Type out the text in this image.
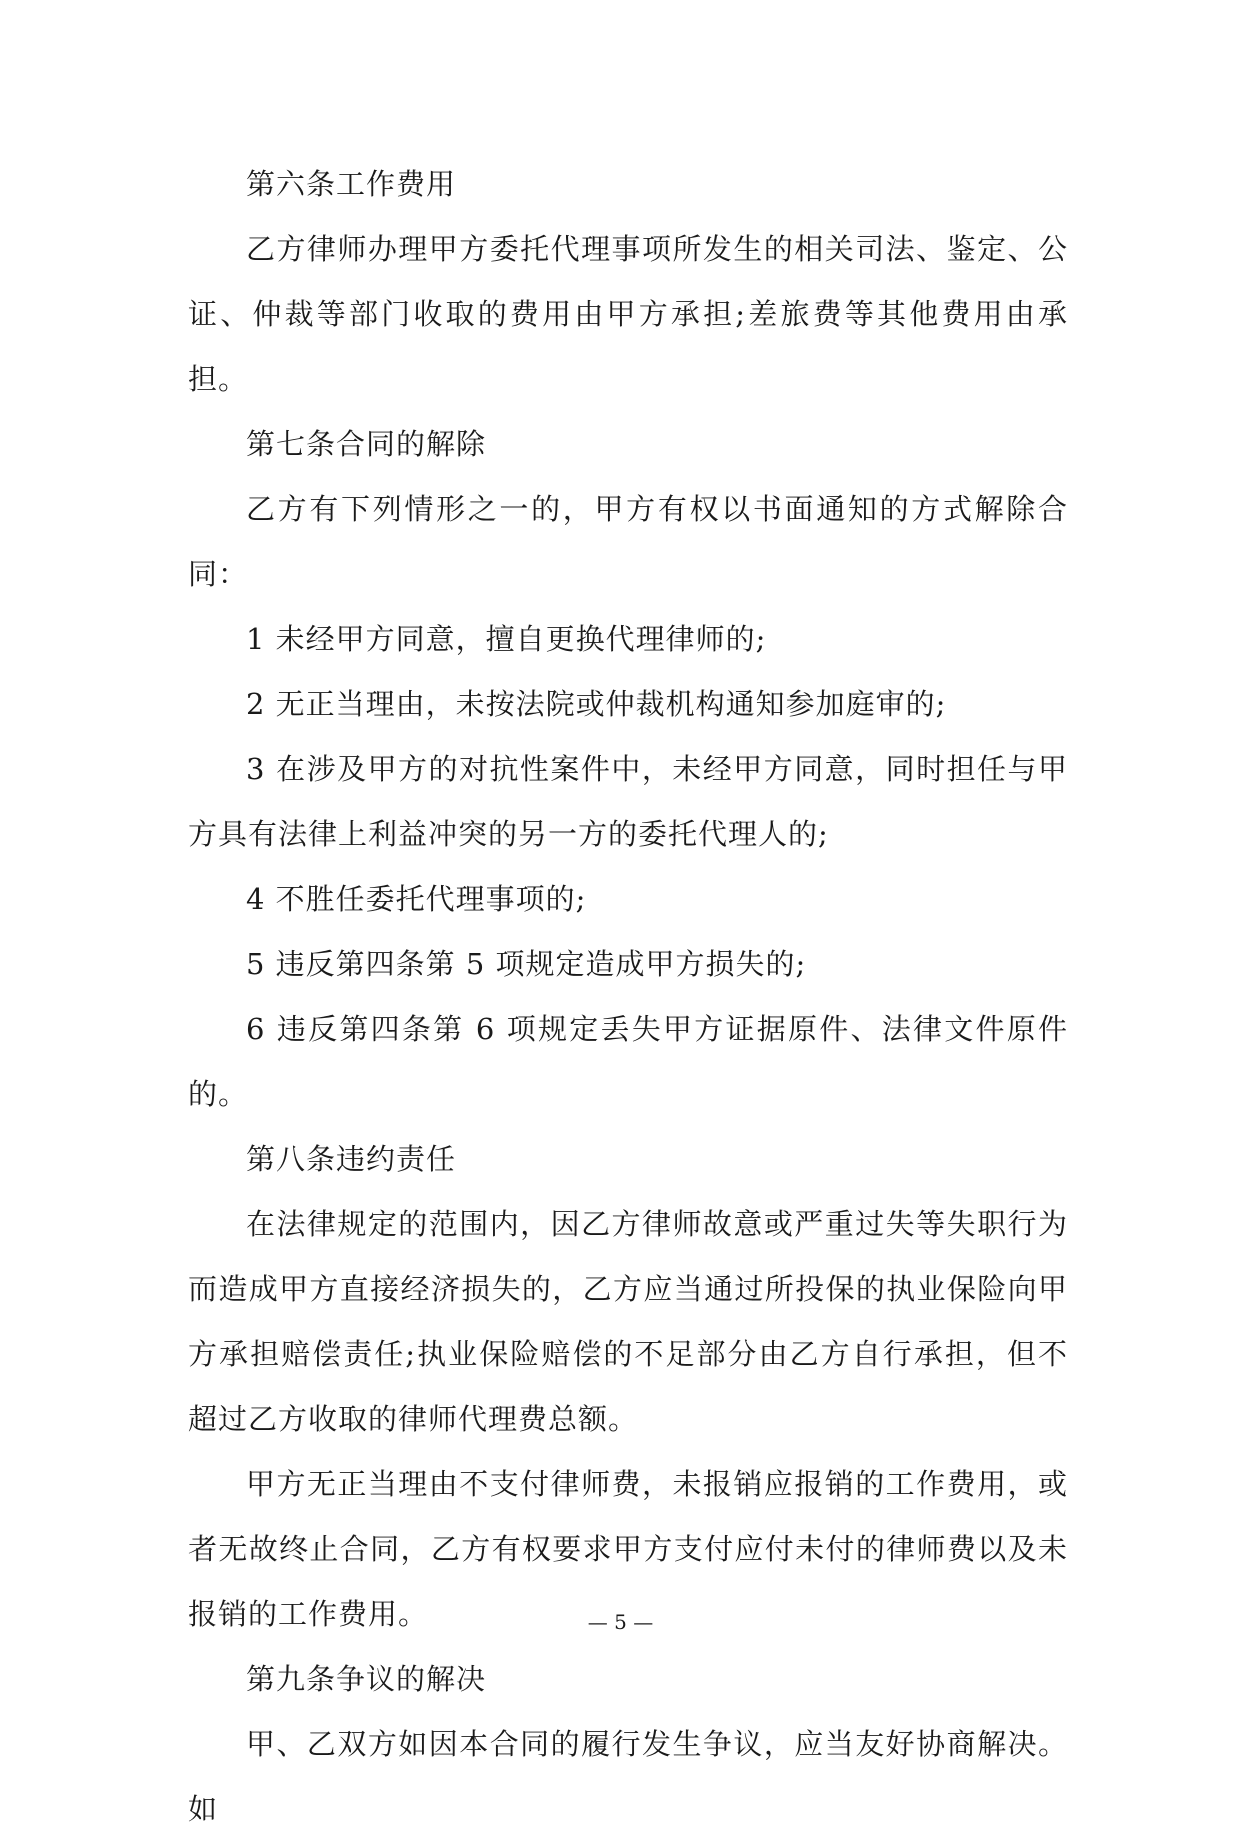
第六条工作费用

乙方律师办理甲方委托代理事项所发生的相关司法、鉴定、公证、仲裁等部门收取的费用由甲方承担;差旅费等其他费用由承担。

第七条合同的解除

乙方有下列情形之一的，甲方有权以书面通知的方式解除合同：

1 未经甲方同意，擅自更换代理律师的;

2 无正当理由，未按法院或仲裁机构通知参加庭审的;

3 在涉及甲方的对抗性案件中，未经甲方同意，同时担任与甲方具有法律上利益冲突的另一方的委托代理人的;

4 不胜任委托代理事项的;

5 违反第四条第 5 项规定造成甲方损失的;

6 违反第四条第 6 项规定丢失甲方证据原件、法律文件原件的。

第八条违约责任

在法律规定的范围内，因乙方律师故意或严重过失等失职行为而造成甲方直接经济损失的，乙方应当通过所投保的执业保险向甲方承担赔偿责任;执业保险赔偿的不足部分由乙方自行承担，但不超过乙方收取的律师代理费总额。

甲方无正当理由不支付律师费，未报销应报销的工作费用，或者无故终止合同，乙方有权要求甲方支付应付未付的律师费以及未报销的工作费用。

第九条争议的解决

甲、乙双方如因本合同的履行发生争议，应当友好协商解决。如

— 5 —
